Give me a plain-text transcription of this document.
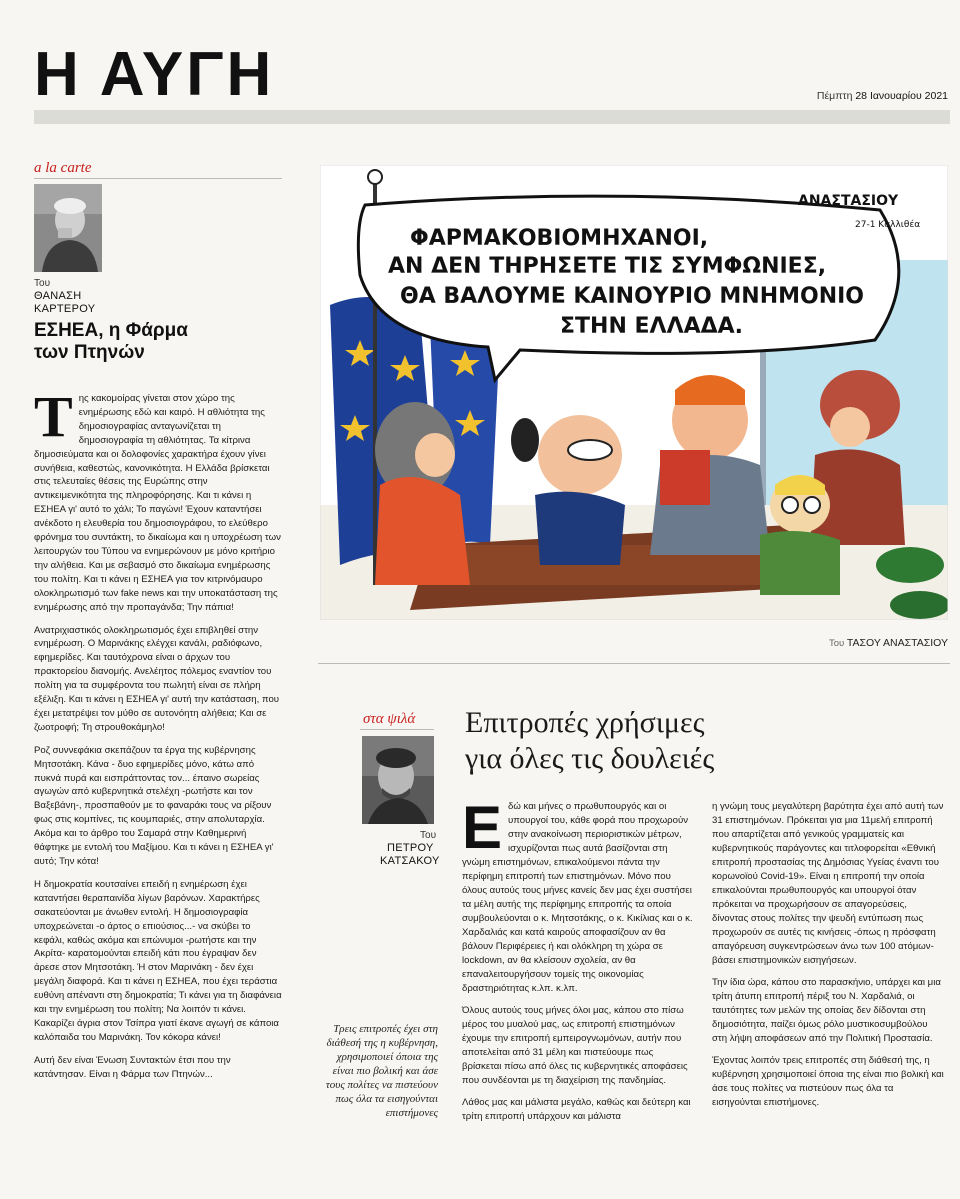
Η ΑΥΓΗ	Πέμπτη 28 Ιανουαρίου 2021
a la carte
Του
ΘΑΝΑΣΗ
ΚΑΡΤΕΡΟΥ
ΕΣΗΕΑ, η Φάρμα των Πτηνών

Της κακομοίρας γίνεται στον χώρο της ενημέρωσης εδώ και καιρό. Η αθλιότητα της δημοσιογραφίας ανταγωνίζεται τη δημοσιογραφία τη αθλιότητας. Τα κίτρινα δημοσιεύματα και οι δολοφονίες χαρακτήρα έχουν γίνει συνήθεια, καθεστώς, κανονικότητα. Η Ελλάδα βρίσκεται στις τελευταίες θέσεις της Ευρώπης στην αντικειμενικότητα της πληροφόρησης. Και τι κάνει η ΕΣΗΕΑ γι' αυτό το χάλι; Το παγώνι! Έχουν καταντήσει ανέκδοτο η ελευθερία του δημοσιογράφου, το ελεύθερο φρόνημα του συντάκτη, το δικαίωμα και η υποχρέωση των λειτουργών του Τύπου να ενημερώνουν με μόνο κριτήριο την αλήθεια. Και με σεβασμό στο δικαίωμα ενημέρωσης του πολίτη. Και τι κάνει η ΕΣΗΕΑ για τον κιτρινόμαυρο ολοκληρωτισμό των fake news και την υποκατάσταση της ενημέρωσης από την προπαγάνδα; Την πάπια!

Ανατριχιαστικός ολοκληρωτισμός έχει επιβληθεί στην ενημέρωση. Ο Μαρινάκης ελέγχει κανάλι, ραδιόφωνο, εφημερίδες. Και ταυτόχρονα είναι ο άρχων του πρακτορείου διανομής. Ανελέητος πόλεμος εναντίον του πολίτη για τα συμφέροντα του πωλητή είναι σε πλήρη εξέλιξη. Και τι κάνει η ΕΣΗΕΑ γι' αυτή την κατάσταση, που έχει μετατρέψει τον μύθο σε αυτονόητη αλήθεια; Και σε ζωοτροφή; Τη στρουθοκάμηλο!

Ροζ συννεφάκια σκεπάζουν τα έργα της κυβέρνησης Μητσοτάκη. Κάνα - δυο εφημερίδες μόνο, κάτω από πυκνά πυρά και εισπράττοντας τον... έπαινο σωρείας αγωγών από κυβερνητικά στελέχη -ρωτήστε και τον Βαξεβάνη-, προσπαθούν με το φαναράκι τους να ρίξουν φως στις κομπίνες, τις κουμπαριές, στην απολυταρχία. Ακόμα και το άρθρο του Σαμαρά στην Καθημερινή θάφτηκε με εντολή του Μαξίμου. Και τι κάνει η ΕΣΗΕΑ γι' αυτό; Την κότα!

Η δημοκρατία κουτσαίνει επειδή η ενημέρωση έχει καταντήσει θεραπαινίδα λίγων βαρόνων. Χαρακτήρες σακατεύονται με άνωθεν εντολή. Η δημοσιογραφία υποχρεώνεται -ο άρτος ο επιούσιος...- να σκύβει το κεφάλι, καθώς ακόμα και επώνυμοι -ρωτήστε και την Ακρίτα- καρατομούνται επειδή κάτι που έγραψαν δεν άρεσε στον Μητσοτάκη. Ή στον Μαρινάκη - δεν έχει μεγάλη διαφορά. Και τι κάνει η ΕΣΗΕΑ, που έχει τεράστια ευθύνη απέναντι στη δημοκρατία; Τι κάνει για τη διαφάνεια και την ενημέρωση του πολίτη; Να λοιπόν τι κάνει. Κακαρίζει άγρια στον Τσίπρα γιατί έκανε αγωγή σε κάποια καλόπαιδα του Μαρινάκη. Τον κόκορα κάνει!

Αυτή δεν είναι Ένωση Συντακτών έτσι που την κατάντησαν. Είναι η Φάρμα των Πτηνών...

ΦΑΡΜΑΚΟΒΙΟΜΗΧΑΝΟΙ,
ΑΝ ΔΕΝ ΤΗΡΗΣΕΤΕ ΤΙΣ ΣΥΜΦΩΝΙΕΣ,
ΘΑ ΒΑΛΟΥΜΕ ΚΑΙΝΟΥΡΙΟ ΜΝΗΜΟΝΙΟ
ΣΤΗΝ ΕΛΛΑΔΑ.
ΑΝΑΣΤΑΣΙΟΥ
27-1 Καλλιθέα
Του ΤΑΣΟΥ ΑΝΑΣΤΑΣΙΟΥ
στα ψιλά
Του
ΠΕΤΡΟΥ
ΚΑΤΣΑΚΟΥ
Επιτροπές χρήσιμες
για όλες τις δουλειές
Τρεις επιτροπές έχει στη διάθεσή της η κυβέρνηση, χρησιμοποιεί όποια της είναι πιο βολική και άσε τους πολίτες να πιστεύουν πως όλα τα εισηγούνται επιστήμονες

Εδώ και μήνες ο πρωθυπουργός και οι υπουργοί του, κάθε φορά που προχωρούν στην ανακοίνωση περιοριστικών μέτρων, ισχυρίζονται πως αυτά βασίζονται στη γνώμη επιστημόνων, επικαλούμενοι πάντα την περίφημη επιτροπή των επιστημόνων. Μόνο που όλους αυτούς τους μήνες κανείς δεν μας έχει συστήσει τα μέλη αυτής της περίφημης επιτροπής τα οποία συμβουλεύονται ο κ. Μητσοτάκης, ο κ. Κικίλιας και ο κ. Χαρδαλιάς και κατά καιρούς αποφασίζουν αν θα βάλουν Περιφέρειες ή και ολόκληρη τη χώρα σε lockdown, αν θα κλείσουν σχολεία, αν θα επαναλειτουργήσουν τομείς της οικονομίας δραστηριότητας κ.λπ. κ.λπ.

Όλους αυτούς τους μήνες όλοι μας, κάπου στο πίσω μέρος του μυαλού μας, ως επιτροπή επιστημόνων έχουμε την επιτροπή εμπειρογνωμόνων, αυτήν που αποτελείται από 31 μέλη και πιστεύουμε πως βρίσκεται πίσω από όλες τις κυβερνητικές αποφάσεις που συνδέονται με τη διαχείριση της πανδημίας.

Λάθος μας και μάλιστα μεγάλο, καθώς και δεύτερη και τρίτη επιτροπή υπάρχουν και μάλιστα

η γνώμη τους μεγαλύτερη βαρύτητα έχει από αυτή των 31 επιστημόνων. Πρόκειται για μια 11μελή επιτροπή που απαρτίζεται από γενικούς γραμματείς και κυβερνητικούς παράγοντες και τιτλοφορείται «Εθνική επιτροπή προστασίας της Δημόσιας Υγείας έναντι του κορωνοϊού Covid-19». Είναι η επιτροπή την οποία επικαλούνται πρωθυπουργός και υπουργοί όταν πρόκειται να προχωρήσουν σε απαγορεύσεις, δίνοντας στους πολίτες την ψευδή εντύπωση πως προχωρούν σε αυτές τις κινήσεις -όπως η πρόσφατη απαγόρευση συγκεντρώσεων άνω των 100 ατόμων- βάσει επιστημονικών εισηγήσεων.

Την ίδια ώρα, κάπου στο παρασκήνιο, υπάρχει και μια τρίτη άτυπη επιτροπή πέριξ του Ν. Χαρδαλιά, οι ταυτότητες των μελών της οποίας δεν δίδονται στη δημοσιότητα, παίζει όμως ρόλο μυστικοσυμβούλου στη λήψη αποφάσεων από την Πολιτική Προστασία.

Έχοντας λοιπόν τρεις επιτροπές στη διάθεσή της, η κυβέρνηση χρησιμοποιεί όποια της είναι πιο βολική και άσε τους πολίτες να πιστεύουν πως όλα τα εισηγούνται επιστήμονες.
